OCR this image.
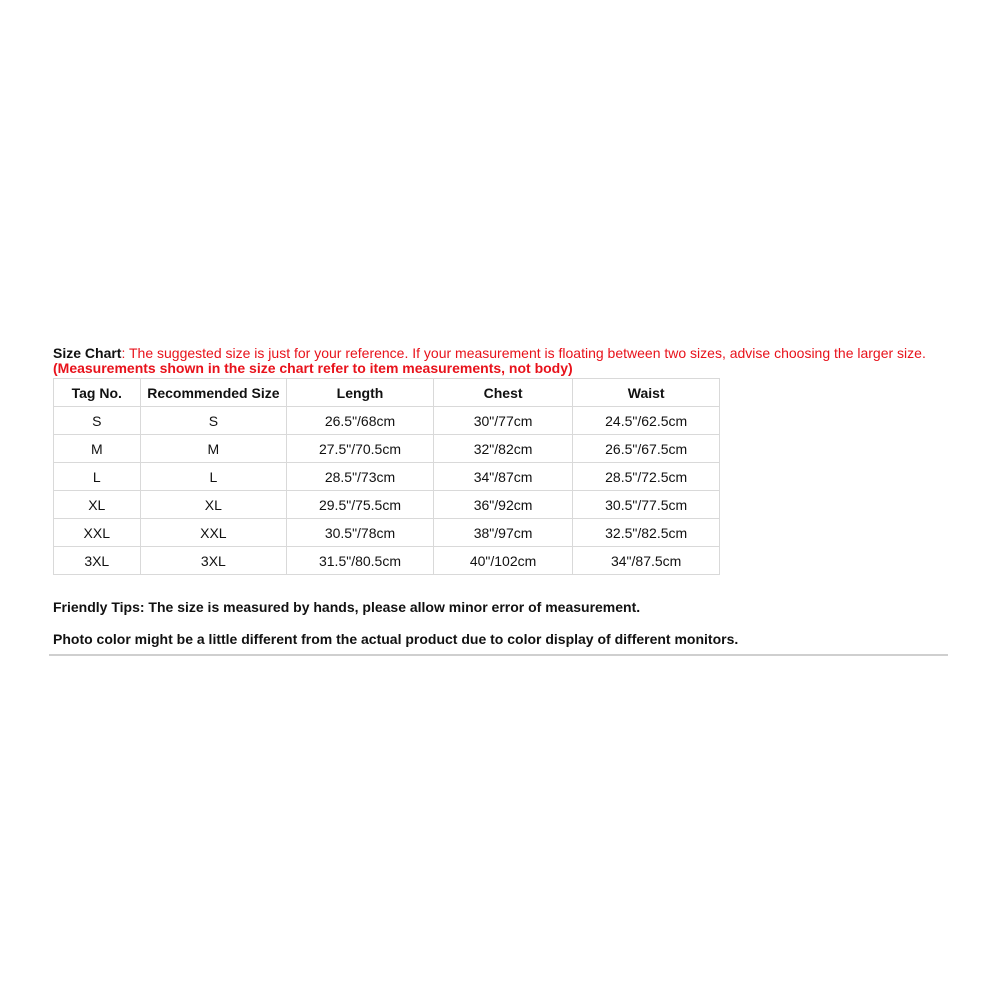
Size Chart: The suggested size is just for your reference. If your measurement is floating between two sizes, advise choosing the larger size. (Measurements shown in the size chart refer to item measurements, not body)

Tag No.	Recommended Size	Length	Chest	Waist
S	S	26.5"/68cm	30"/77cm	24.5"/62.5cm
M	M	27.5"/70.5cm	32"/82cm	26.5"/67.5cm
L	L	28.5"/73cm	34"/87cm	28.5"/72.5cm
XL	XL	29.5"/75.5cm	36"/92cm	30.5"/77.5cm
XXL	XXL	30.5"/78cm	38"/97cm	32.5"/82.5cm
3XL	3XL	31.5"/80.5cm	40"/102cm	34"/87.5cm

Friendly Tips: The size is measured by hands, please allow minor error of measurement.

Photo color might be a little different from the actual product due to color display of different monitors.
